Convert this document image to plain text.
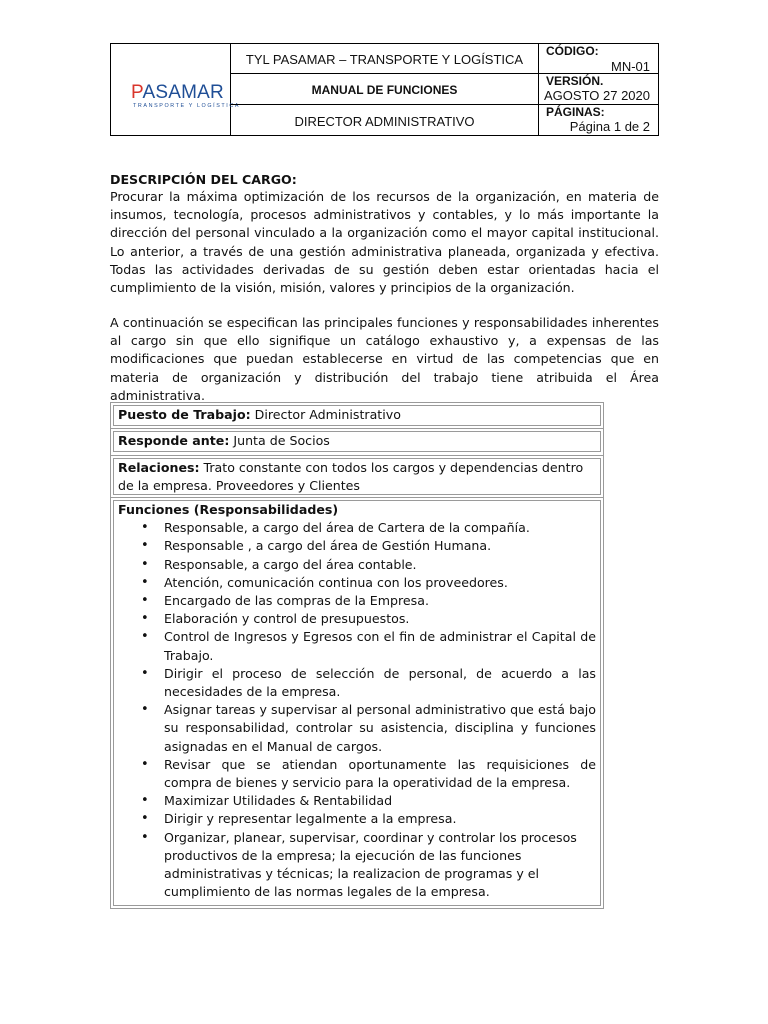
PASAMAR
TRANSPORTE Y LOGÍSTICA
TYL PASAMAR – TRANSPORTE Y LOGÍSTICA
MANUAL DE FUNCIONES
DIRECTOR ADMINISTRATIVO
CÓDIGO:
MN-01
VERSIÓN.
AGOSTO 27 2020
PÁGINAS:
Página 1 de 2
DESCRIPCIÓN DEL CARGO:
Procurar la máxima optimización de los recursos de la organización, en materia de insumos, tecnología, procesos administrativos y contables, y lo más importante la dirección del personal vinculado a la organización como el mayor capital institucional. Lo anterior, a través de una gestión administrativa planeada, organizada y efectiva. Todas las actividades derivadas de su gestión deben estar orientadas hacia el cumplimiento de la visión, misión, valores y principios de la organización.
A continuación se especifican las principales funciones y responsabilidades inherentes al cargo sin que ello signifique un catálogo exhaustivo y, a expensas de las modificaciones que puedan establecerse en virtud de las competencias que en materia de organización y distribución del trabajo tiene atribuida el Área administrativa.
Puesto de Trabajo: Director Administrativo
Responde ante: Junta de Socios
Relaciones: Trato constante con todos los cargos y dependencias dentro de la empresa. Proveedores y Clientes
Funciones (Responsabilidades)
• Responsable, a cargo del área de Cartera de la compañía.
• Responsable , a cargo del área de Gestión Humana.
• Responsable, a cargo del área contable.
• Atención, comunicación continua con los proveedores.
• Encargado de las compras de la Empresa.
• Elaboración y control de presupuestos.
• Control de Ingresos y Egresos con el fin de administrar el Capital de Trabajo.
• Dirigir el proceso de selección de personal, de acuerdo a las necesidades de la empresa.
• Asignar tareas y supervisar al personal administrativo que está bajo su responsabilidad, controlar su asistencia, disciplina y funciones asignadas en el Manual de cargos.
• Revisar que se atiendan oportunamente las requisiciones de compra de bienes y servicio para la operatividad de la empresa.
• Maximizar Utilidades & Rentabilidad
• Dirigir y representar legalmente a la empresa.
• Organizar, planear, supervisar, coordinar y controlar los procesos productivos de la empresa; la ejecución de las funciones administrativas y técnicas; la realizacion de programas y el cumplimiento de las normas legales de la empresa.
